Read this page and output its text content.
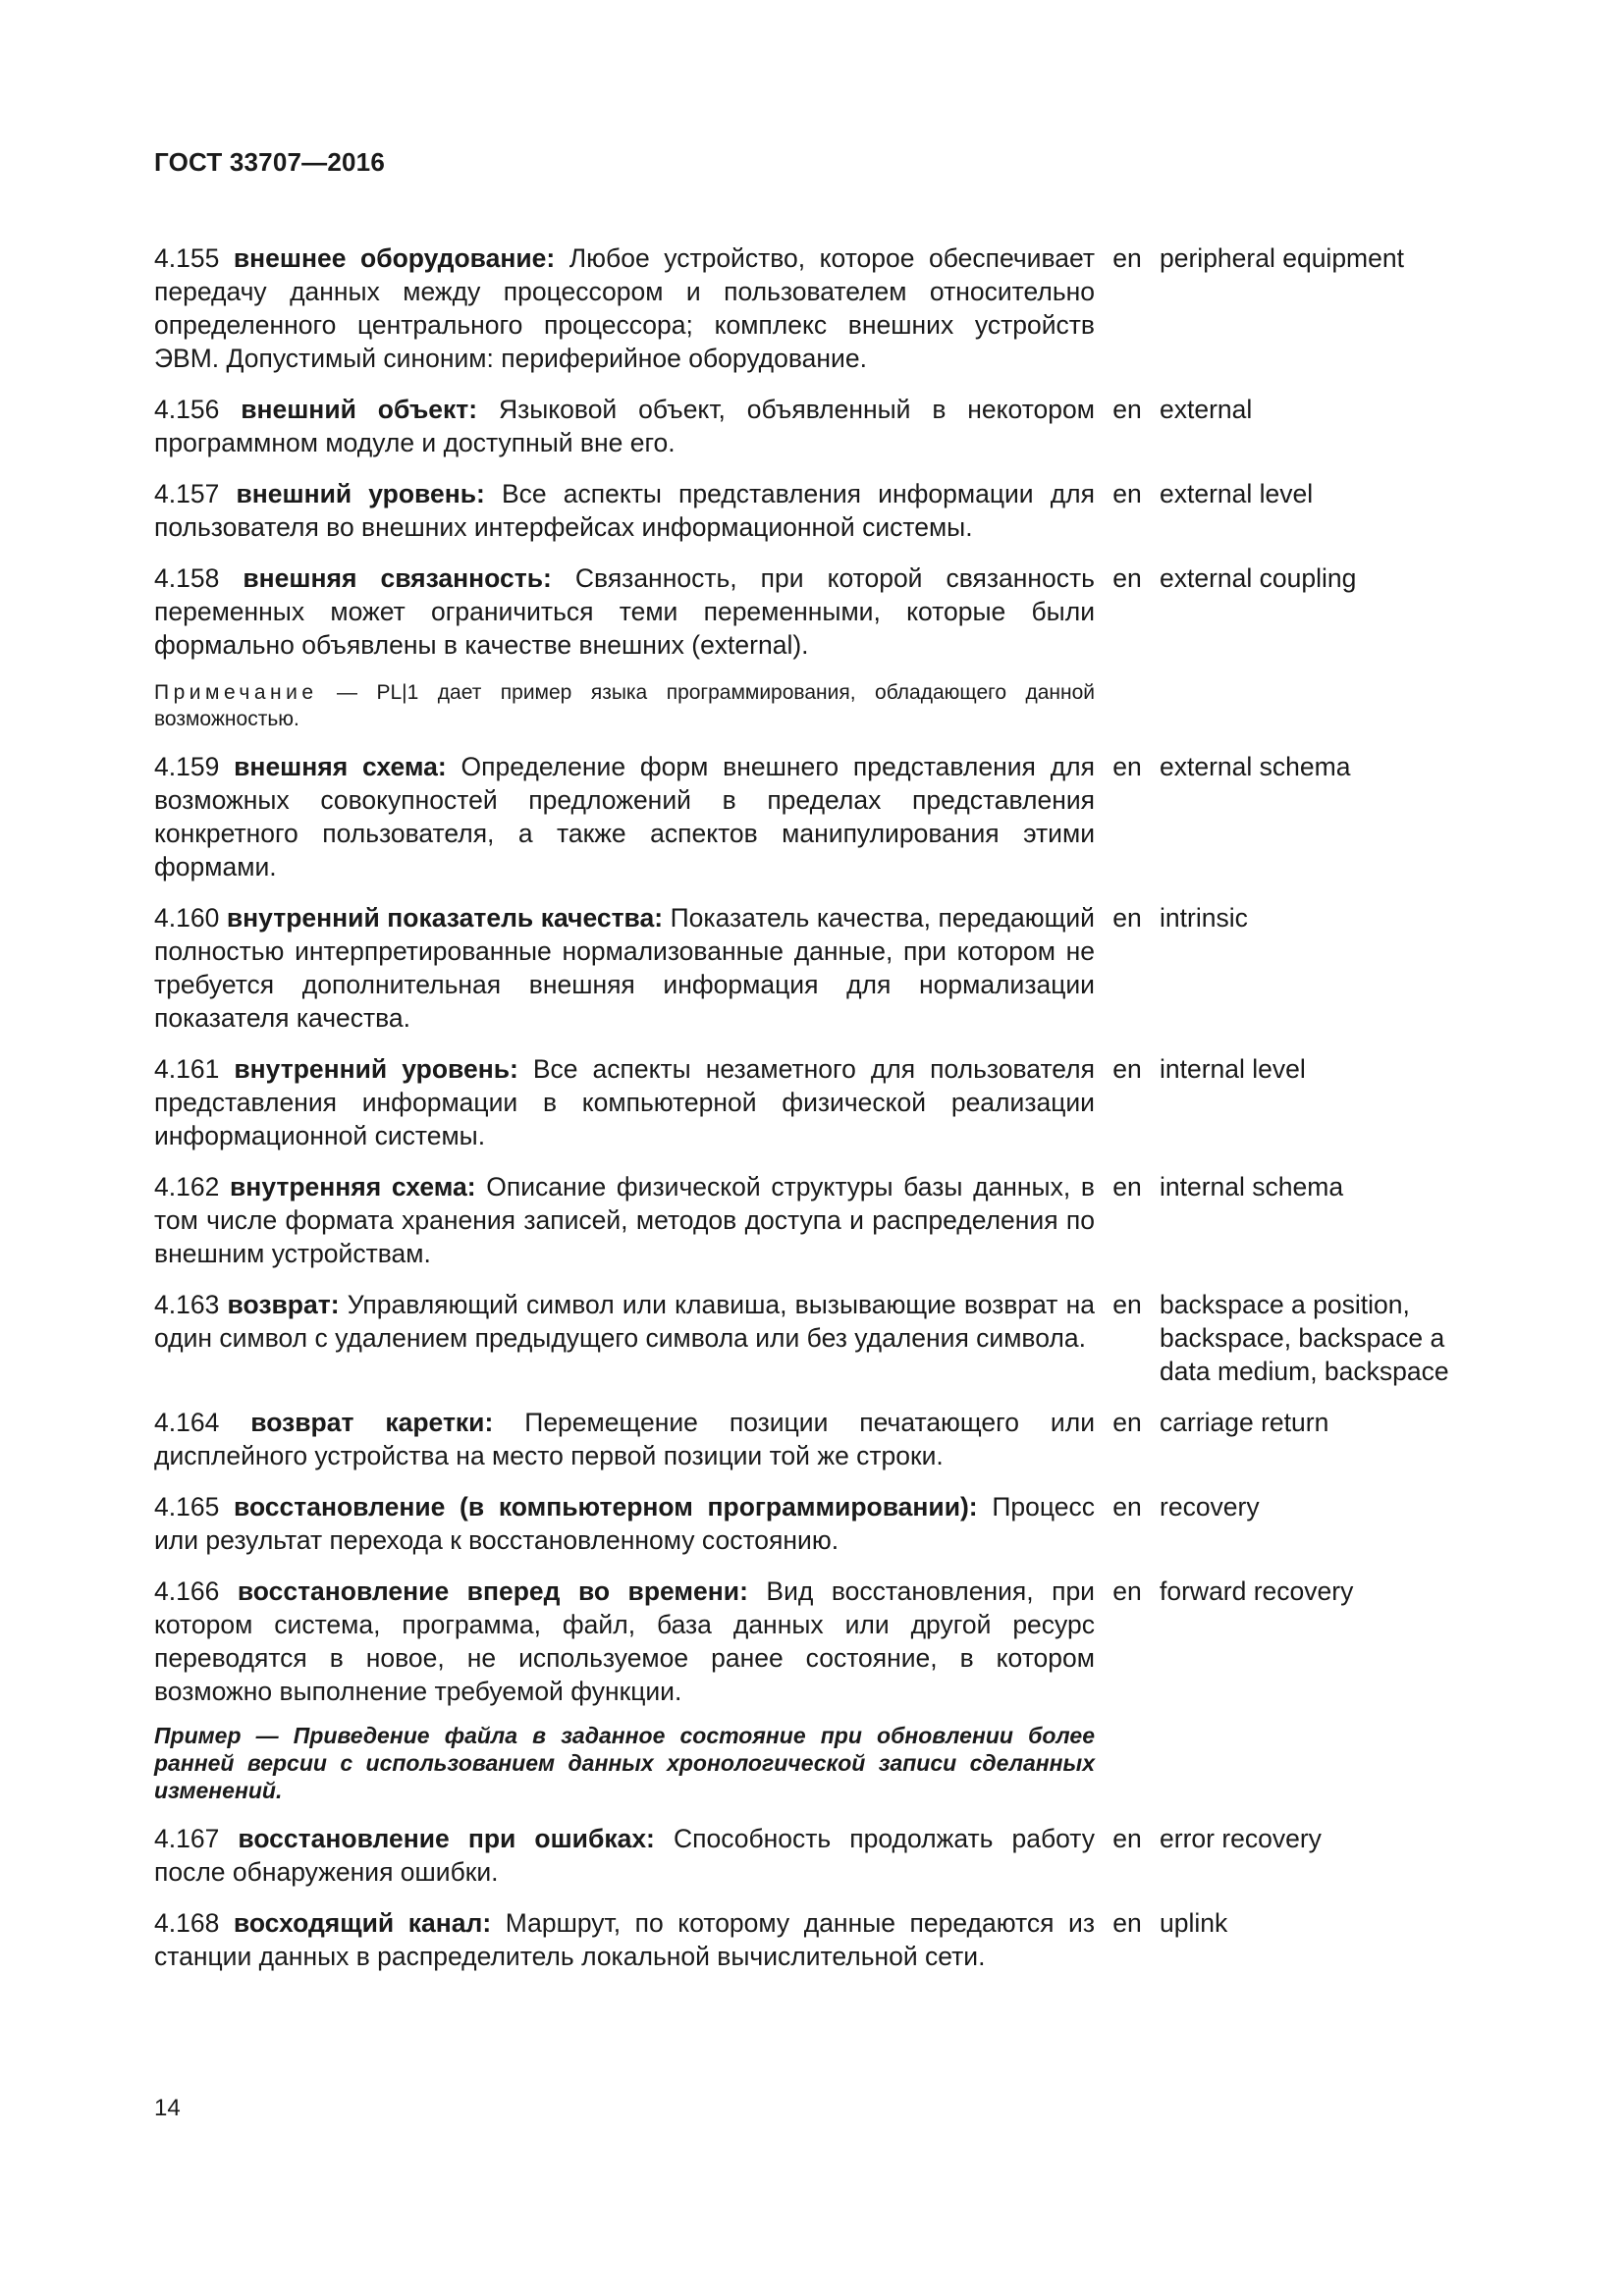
ГОСТ 33707—2016

4.155 внешнее оборудование: Любое устройство, которое обеспечивает передачу данных между процессором и пользователем относительно определенного центрального процессора; комплекс внешних устройств ЭВМ. Допустимый синоним: периферийное оборудование.

en peripheral equipment

4.156 внешний объект: Языковой объект, объявленный в некотором программном модуле и доступный вне его.

en external

4.157 внешний уровень: Все аспекты представления информации для пользователя во внешних интерфейсах информационной системы.

en external level

4.158 внешняя связанность: Связанность, при которой связанность переменных может ограничиться теми переменными, которые были формально объявлены в качестве внешних (external).

Примечание — PL|1 дает пример языка программирования, обладающего данной возможностью.

en external coupling

4.159 внешняя схема: Определение форм внешнего представления для возможных совокупностей предложений в пределах представления конкретного пользователя, а также аспектов манипулирования этими формами.

en external schema

4.160 внутренний показатель качества: Показатель качества, передающий полностью интерпретированные нормализованные данные, при котором не требуется дополнительная внешняя информация для нормализации показателя качества.

en intrinsic

4.161 внутренний уровень: Все аспекты незаметного для пользователя представления информации в компьютерной физической реализации информационной системы.

en internal level

4.162 внутренняя схема: Описание физической структуры базы данных, в том числе формата хранения записей, методов доступа и распределения по внешним устройствам.

en internal schema

4.163 возврат: Управляющий символ или клавиша, вызывающие возврат на один символ с удалением предыдущего символа или без удаления символа.

en backspace a position, backspace, backspace a data medium, backspace

4.164 возврат каретки: Перемещение позиции печатающего или дисплейного устройства на место первой позиции той же строки.

en carriage return

4.165 восстановление (в компьютерном программировании): Процесс или результат перехода к восстановленному состоянию.

en recovery

4.166 восстановление вперед во времени: Вид восстановления, при котором система, программа, файл, база данных или другой ресурс переводятся в новое, не используемое ранее состояние, в котором возможно выполнение требуемой функции.

Пример — Приведение файла в заданное состояние при обновлении более ранней версии с использованием данных хронологической записи сделанных изменений.

en forward recovery

4.167 восстановление при ошибках: Способность продолжать работу после обнаружения ошибки.

en error recovery

4.168 восходящий канал: Маршрут, по которому данные передаются из станции данных в распределитель локальной вычислительной сети.

en uplink
14
